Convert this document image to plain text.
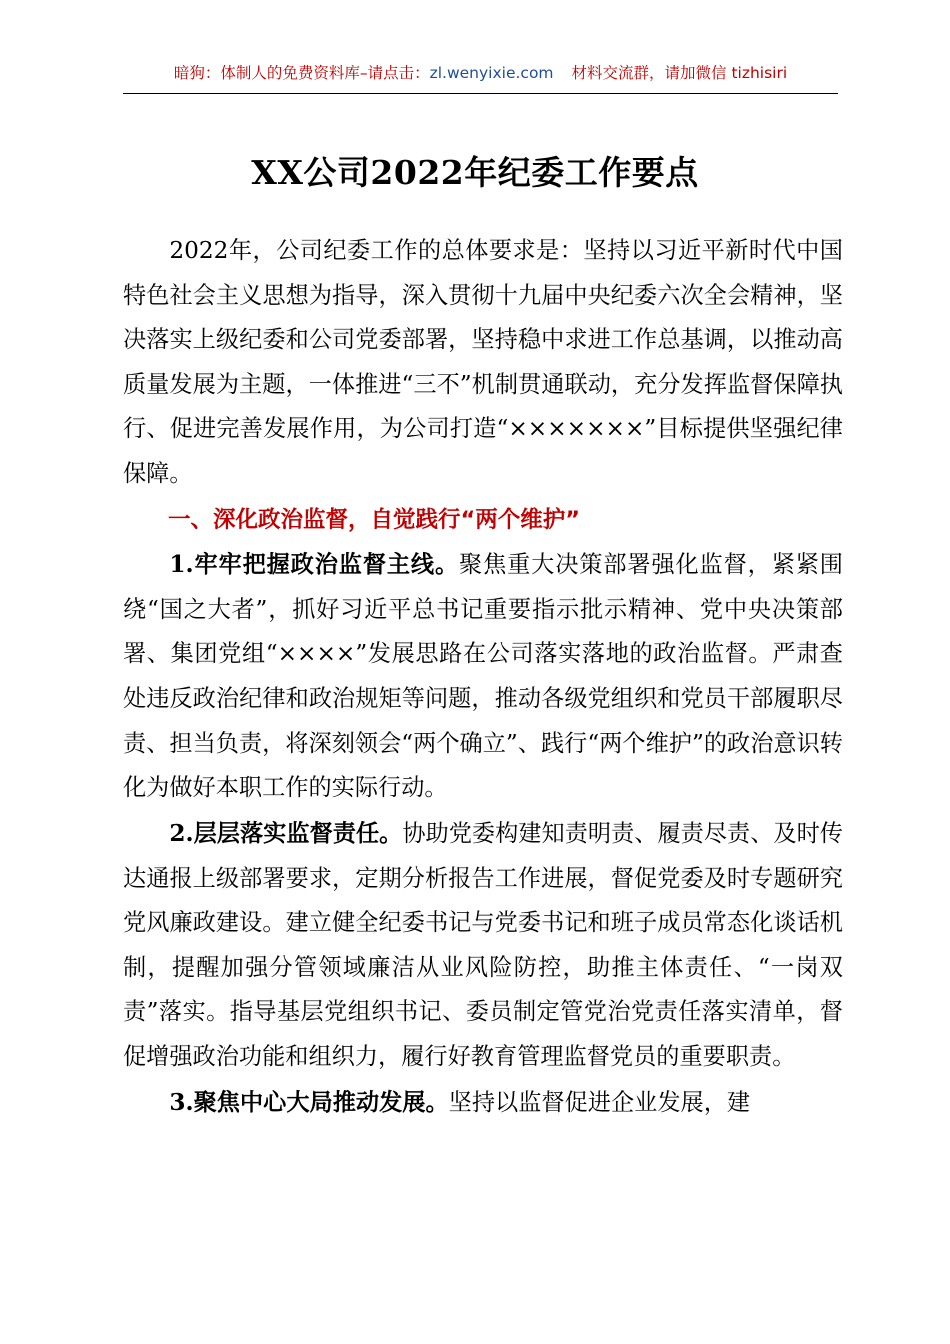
暗狗：体制人的免费资料库–请点击：zl.wenyixie.com 材料交流群，请加微信 tizhisiri
XX公司2022年纪委工作要点

2022年，公司纪委工作的总体要求是：坚持以习近平新时代中国特色社会主义思想为指导，深入贯彻十九届中央纪委六次全会精神，坚决落实上级纪委和公司党委部署，坚持稳中求进工作总基调，以推动高质量发展为主题，一体推进“三不”机制贯通联动，充分发挥监督保障执行、促进完善发展作用，为公司打造“×××××××”目标提供坚强纪律保障。

一、深化政治监督，自觉践行“两个维护”

1.牢牢把握政治监督主线。聚焦重大决策部署强化监督，紧紧围绕“国之大者”，抓好习近平总书记重要指示批示精神、党中央决策部署、集团党组“××××”发展思路在公司落实落地的政治监督。严肃查处违反政治纪律和政治规矩等问题，推动各级党组织和党员干部履职尽责、担当负责，将深刻领会“两个确立”、践行“两个维护”的政治意识转化为做好本职工作的实际行动。

2.层层落实监督责任。协助党委构建知责明责、履责尽责、及时传达通报上级部署要求，定期分析报告工作进展，督促党委及时专题研究党风廉政建设。建立健全纪委书记与党委书记和班子成员常态化谈话机制，提醒加强分管领域廉洁从业风险防控，助推主体责任、“一岗双责”落实。指导基层党组织书记、委员制定管党治党责任落实清单，督促增强政治功能和组织力，履行好教育管理监督党员的重要职责。

3.聚焦中心大局推动发展。坚持以监督促进企业发展，建
